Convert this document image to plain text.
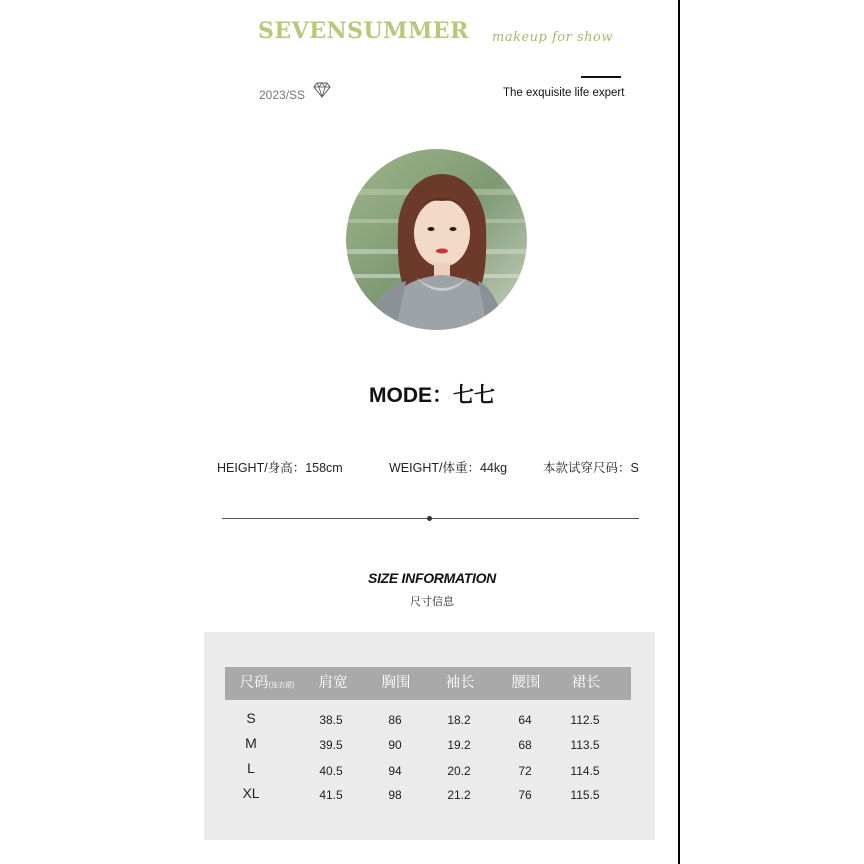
SEVENSUMMER makeup for show
2023/SS	The exquisite life expert
MODE：七七
HEIGHT/身高：158cm	WEIGHT/体重：44kg	本款试穿尺码：S
SIZE INFORMATION
尺寸信息
尺码(连衣裙)	肩宽	胸围	袖长	腰围	裙长
S	38.5	86	18.2	64	112.5
M	39.5	90	19.2	68	113.5
L	40.5	94	20.2	72	114.5
XL	41.5	98	21.2	76	115.5
